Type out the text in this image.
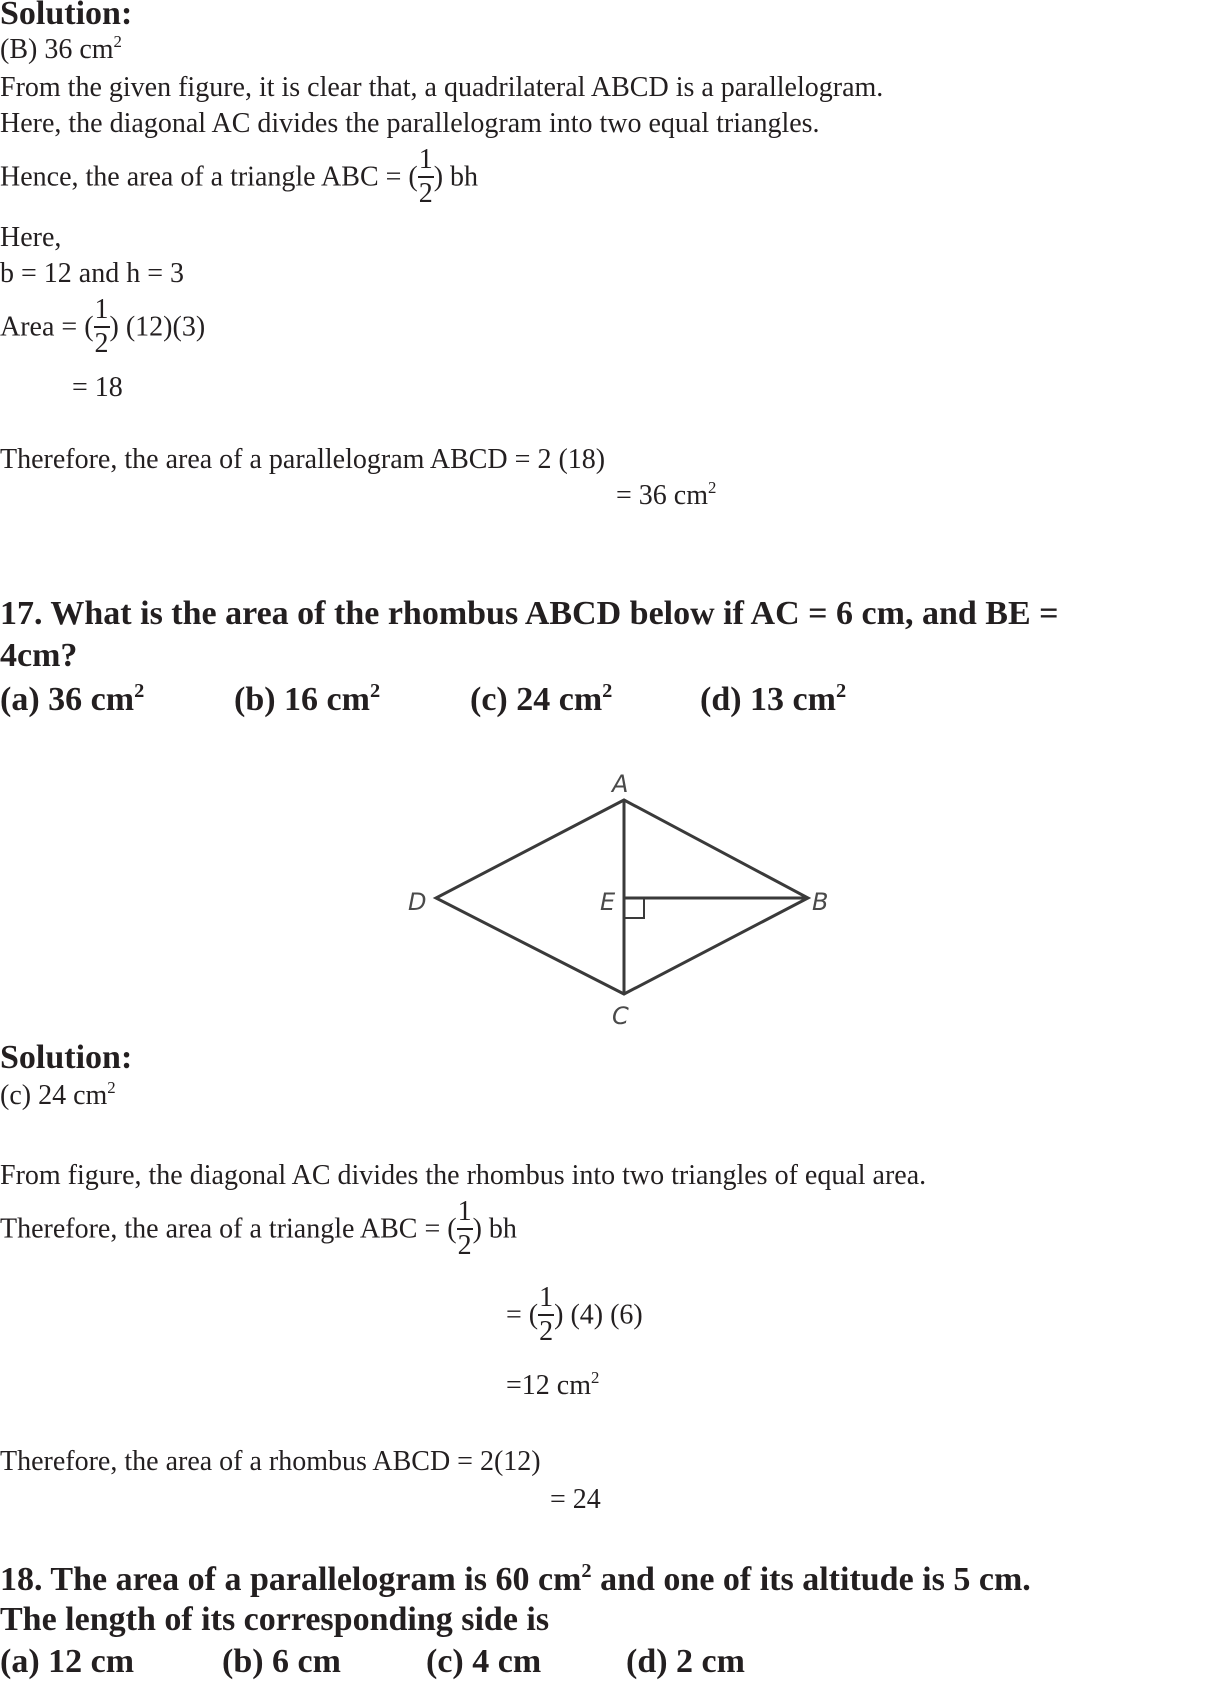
Solution:
(B) 36 $cm^2$
From the given figure, it is clear that, a quadrilateral ABCD is a parallelogram.
Here, the diagonal AC divides the parallelogram into two equal triangles.
Hence, the area of a triangle ABC = ( $\frac{1}{2}$ ) bh
Here,
b = 12 and h = 3
Area = ( $\frac{1}{2}$ ) (12)(3)
= 18
Therefore, the area of a parallelogram ABCD = 2 (18)
= 36 $cm^2$
17. What is the area of the rhombus ABCD below if AC = 6 cm, and BE =
4cm?
(a) 36 $cm^2$	(b) 16 $cm^2$	(c) 24 $cm^2$	(d) 13 $cm^2$
A
B
C
D	E
Solution:
(c) 24 $cm^2$
From figure, the diagonal AC divides the rhombus into two triangles of equal area.
Therefore, the area of a triangle ABC = ( $\frac{1}{2}$ ) bh
= ( $\frac{1}{2}$ ) (4) (6)
=12 $cm^2$
Therefore, the area of a rhombus ABCD = 2(12)
= 24
18. The area of a parallelogram is 60 $cm^2$ and one of its altitude is 5 cm.
The length of its corresponding side is
(a) 12 cm	(b) 6 cm	(c) 4 cm (d) 2 cm
